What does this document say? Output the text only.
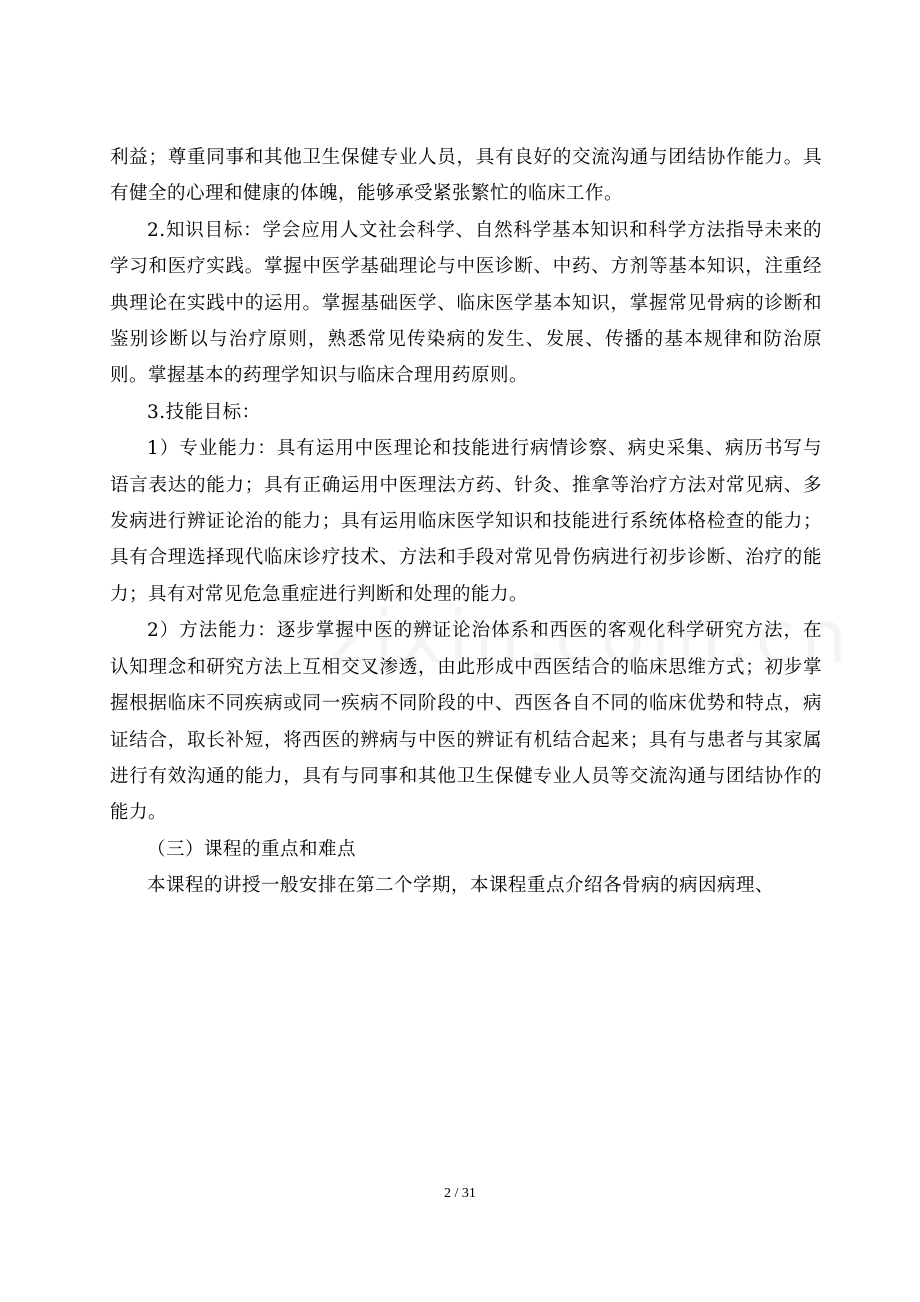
利益；尊重同事和其他卫生保健专业人员，具有良好的交流沟通与团结协作能力。具有健全的心理和健康的体魄，能够承受紧张繁忙的临床工作。

2.知识目标：学会应用人文社会科学、自然科学基本知识和科学方法指导未来的学习和医疗实践。掌握中医学基础理论与中医诊断、中药、方剂等基本知识，注重经典理论在实践中的运用。掌握基础医学、临床医学基本知识，掌握常见骨病的诊断和鉴别诊断以与治疗原则，熟悉常见传染病的发生、发展、传播的基本规律和防治原则。掌握基本的药理学知识与临床合理用药原则。

3.技能目标：

1）专业能力：具有运用中医理论和技能进行病情诊察、病史采集、病历书写与语言表达的能力；具有正确运用中医理法方药、针灸、推拿等治疗方法对常见病、多发病进行辨证论治的能力；具有运用临床医学知识和技能进行系统体格检查的能力；具有合理选择现代临床诊疗技术、方法和手段对常见骨伤病进行初步诊断、治疗的能力；具有对常见危急重症进行判断和处理的能力。

2）方法能力：逐步掌握中医的辨证论治体系和西医的客观化科学研究方法，在认知理念和研究方法上互相交叉渗透，由此形成中西医结合的临床思维方式；初步掌握根据临床不同疾病或同一疾病不同阶段的中、西医各自不同的临床优势和特点，病证结合，取长补短，将西医的辨病与中医的辨证有机结合起来；具有与患者与其家属进行有效沟通的能力，具有与同事和其他卫生保健专业人员等交流沟通与团结协作的能力。

（三）课程的重点和难点

本课程的讲授一般安排在第二个学期，本课程重点介绍各骨病的病因病理、

2 / 31
